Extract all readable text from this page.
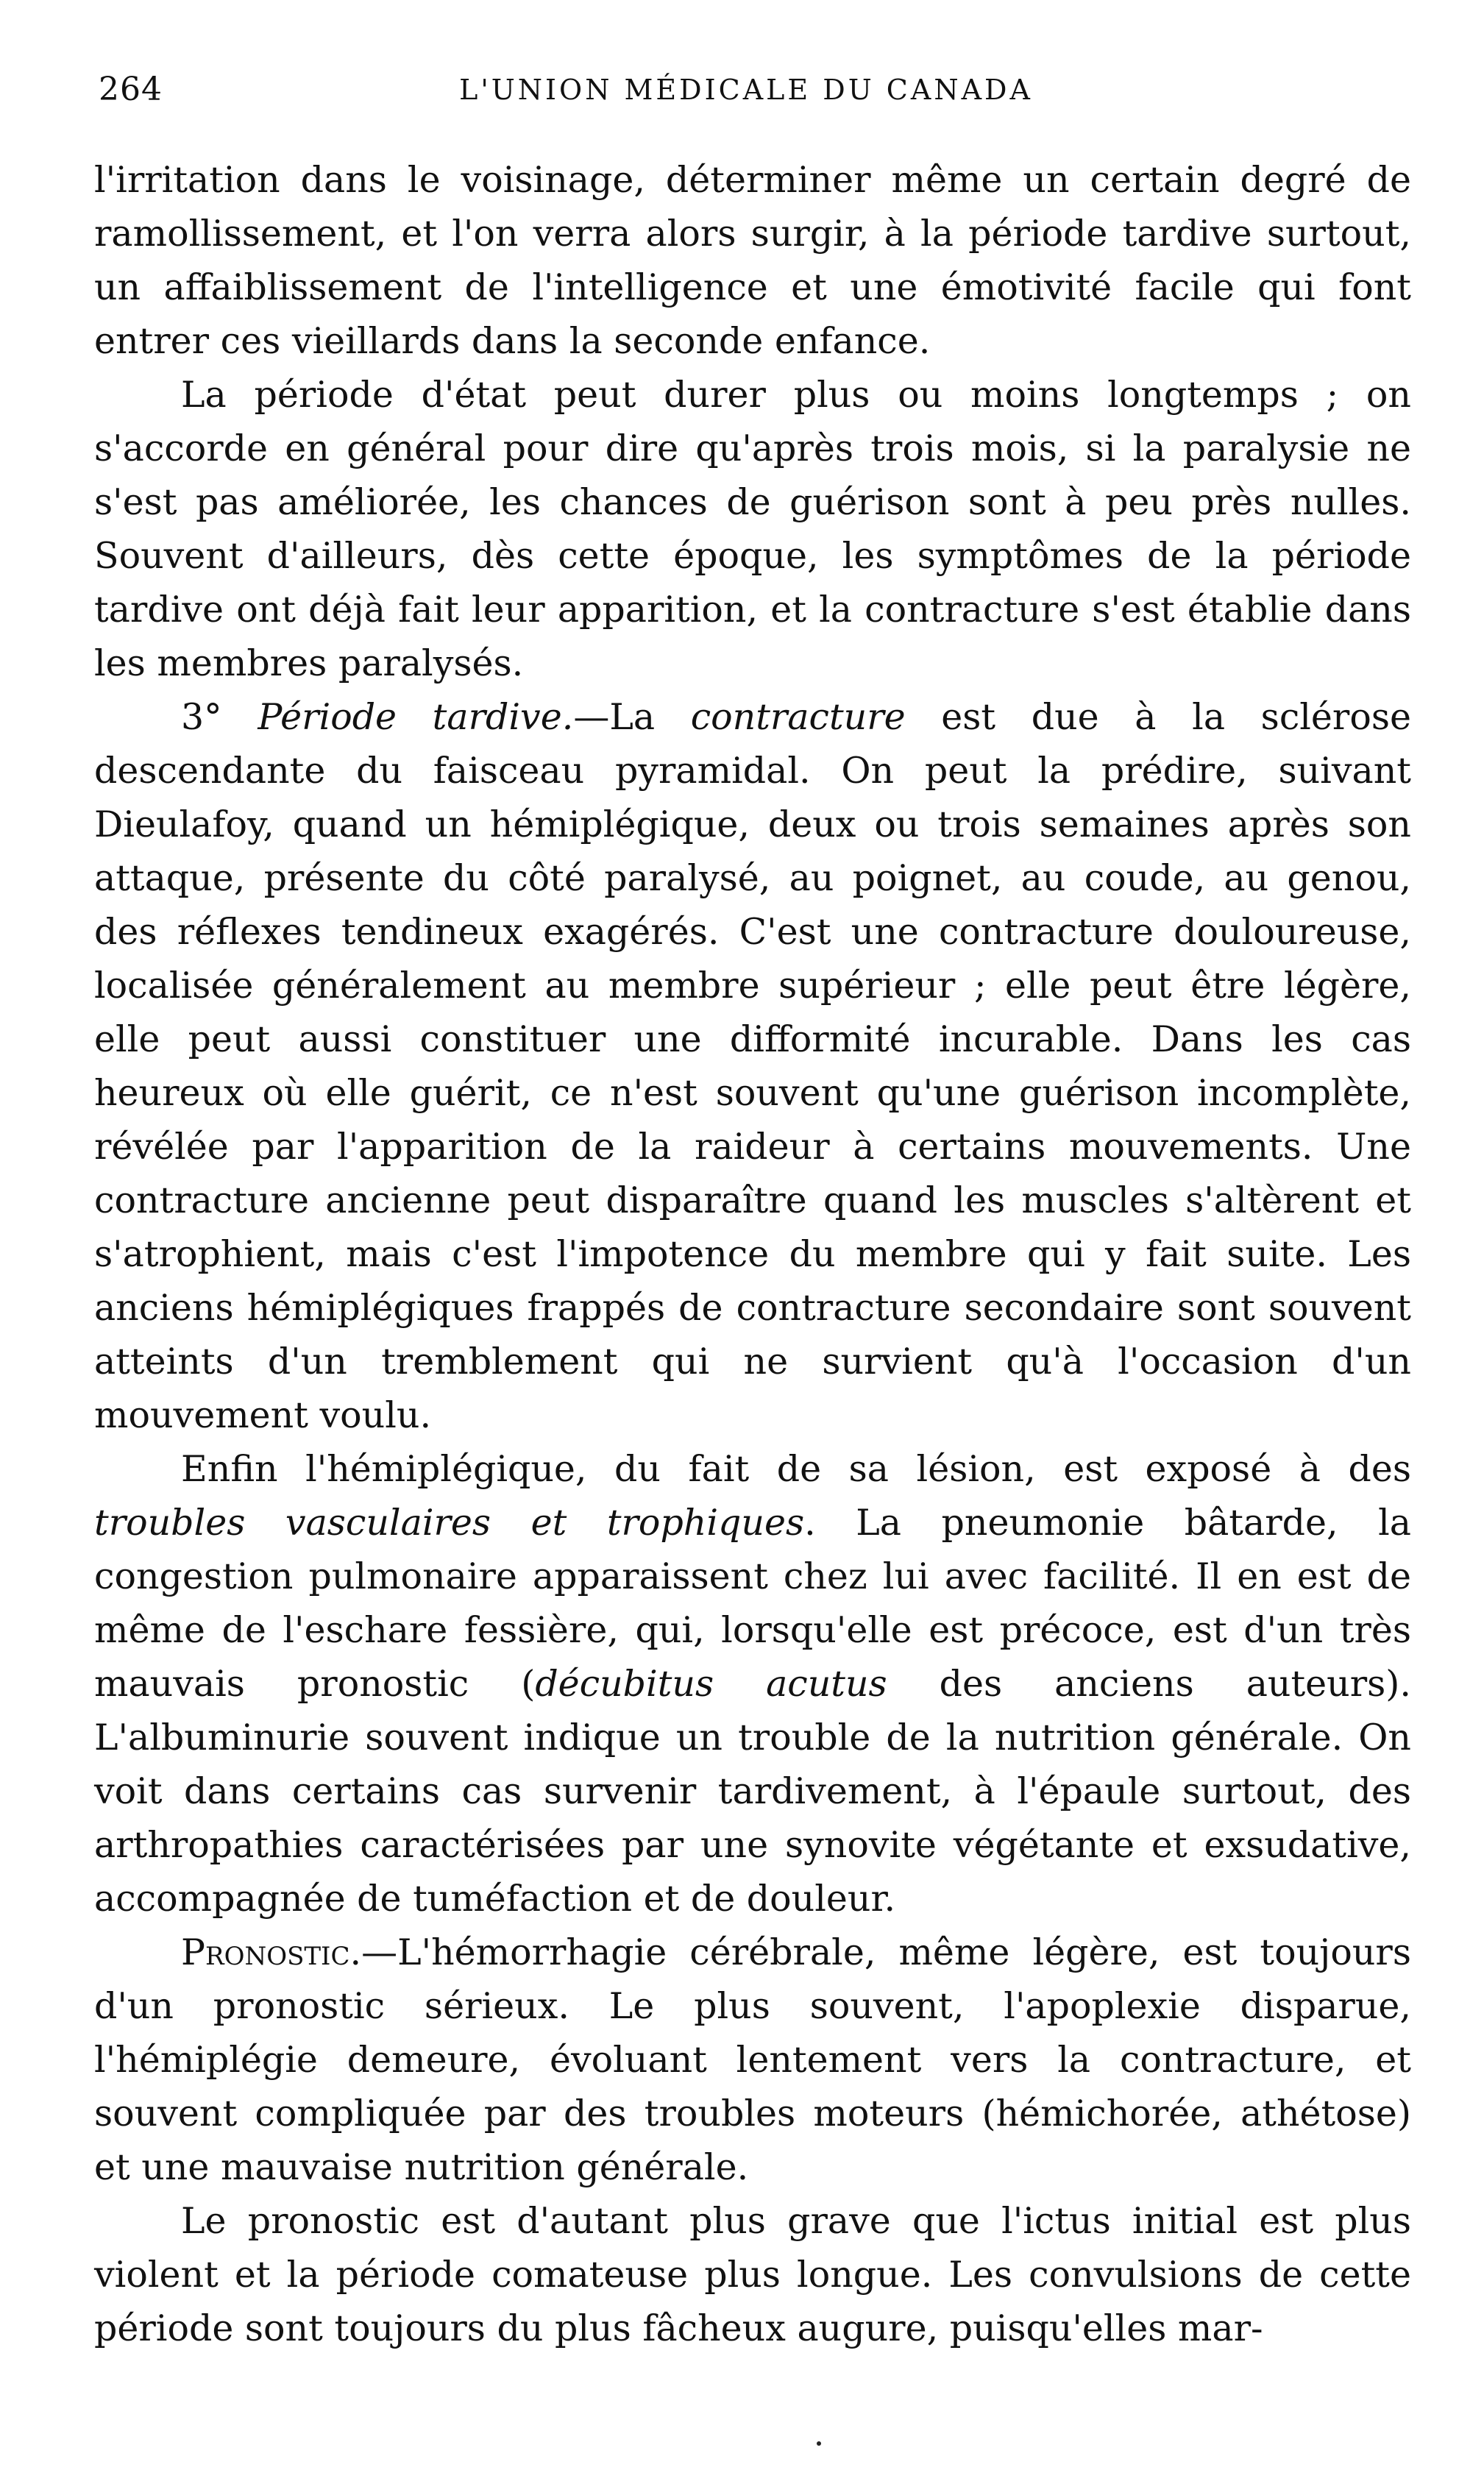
264	L'UNION MÉDICALE DU CANADA

l'irritation dans le voisinage, déterminer même un certain degré de ramollissement, et l'on verra alors surgir, à la période tardive surtout, un affaiblissement de l'intelligence et une émotivité facile qui font entrer ces vieillards dans la seconde enfance.

La période d'état peut durer plus ou moins longtemps ; on s'accorde en général pour dire qu'après trois mois, si la paralysie ne s'est pas améliorée, les chances de guérison sont à peu près nulles. Souvent d'ailleurs, dès cette époque, les symptômes de la période tardive ont déjà fait leur apparition, et la contracture s'est établie dans les membres paralysés.

3° Période tardive.—La contracture est due à la sclérose descendante du faisceau pyramidal. On peut la prédire, suivant Dieulafoy, quand un hémiplégique, deux ou trois semaines après son attaque, présente du côté paralysé, au poignet, au coude, au genou, des réflexes tendineux exagérés. C'est une contracture douloureuse, localisée généralement au membre supérieur ; elle peut être légère, elle peut aussi constituer une difformité incurable. Dans les cas heureux où elle guérit, ce n'est souvent qu'une guérison incomplète, révélée par l'apparition de la raideur à certains mouvements. Une contracture ancienne peut disparaître quand les muscles s'altèrent et s'atrophient, mais c'est l'impotence du membre qui y fait suite. Les anciens hémiplégiques frappés de contracture secondaire sont souvent atteints d'un tremblement qui ne survient qu'à l'occasion d'un mouvement voulu.

Enfin l'hémiplégique, du fait de sa lésion, est exposé à des troubles vasculaires et trophiques. La pneumonie bâtarde, la congestion pulmonaire apparaissent chez lui avec facilité. Il en est de même de l'eschare fessière, qui, lorsqu'elle est précoce, est d'un très mauvais pronostic (décubitus acutus des anciens auteurs). L'albuminurie souvent indique un trouble de la nutrition générale. On voit dans certains cas survenir tardivement, à l'épaule surtout, des arthropathies caractérisées par une synovite végétante et exsudative, accompagnée de tuméfaction et de douleur.

Pronostic.—L'hémorrhagie cérébrale, même légère, est toujours d'un pronostic sérieux. Le plus souvent, l'apoplexie disparue, l'hémiplégie demeure, évoluant lentement vers la contracture, et souvent compliquée par des troubles moteurs (hémichorée, athétose) et une mauvaise nutrition générale.

Le pronostic est d'autant plus grave que l'ictus initial est plus violent et la période comateuse plus longue. Les convulsions de cette période sont toujours du plus fâcheux augure, puisqu'elles mar-
